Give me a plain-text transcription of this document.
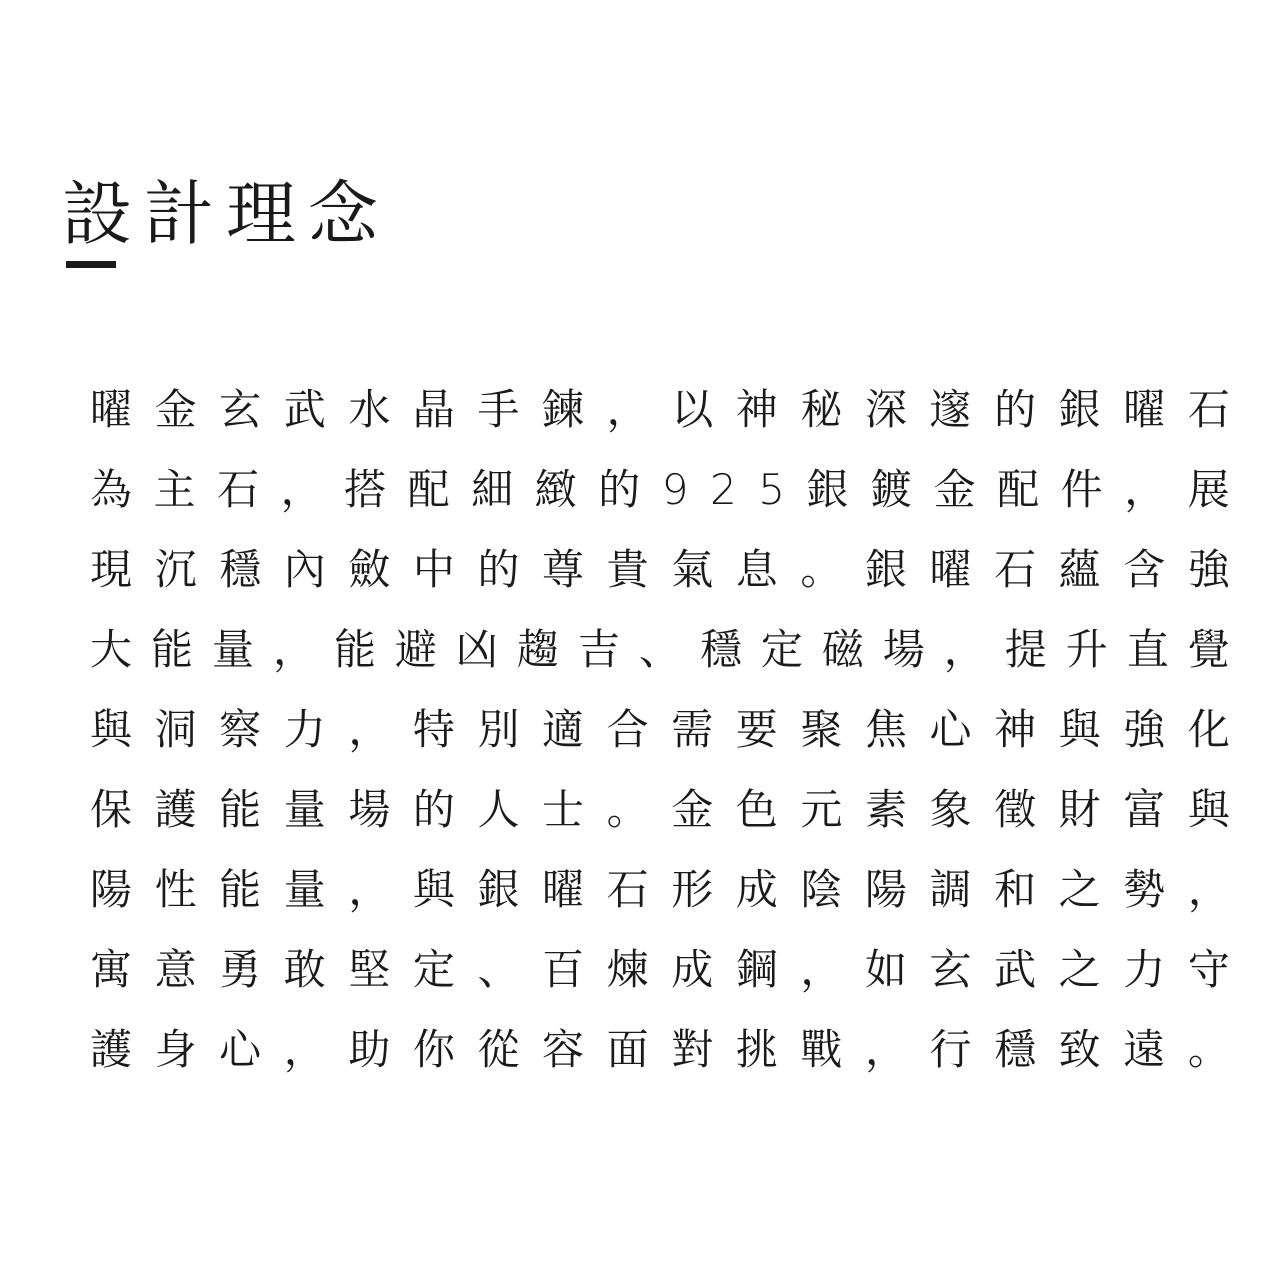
設計理念
曜 金 玄 武 水 晶 手 鍊 ， 以 神 秘 深 邃 的 銀 曜 石
為 主 石 ， 搭 配 細 緻 的 9 2 5 銀 鍍 金 配 件 ， 展
現 沉 穩 內 斂 中 的 尊 貴 氣 息 。 銀 曜 石 蘊 含 強
大 能 量 ， 能 避 凶 趨 吉 、 穩 定 磁 場 ， 提 升 直 覺
與 洞 察 力 ， 特 別 適 合 需 要 聚 焦 心 神 與 強 化
保 護 能 量 場 的 人 士 。 金 色 元 素 象 徵 財 富 與
陽 性 能 量 ， 與 銀 曜 石 形 成 陰 陽 調 和 之 勢 ，
寓 意 勇 敢 堅 定 、 百 煉 成 鋼 ， 如 玄 武 之 力 守
護 身 心 ， 助 你 從 容 面 對 挑 戰 ， 行 穩 致 遠 。
